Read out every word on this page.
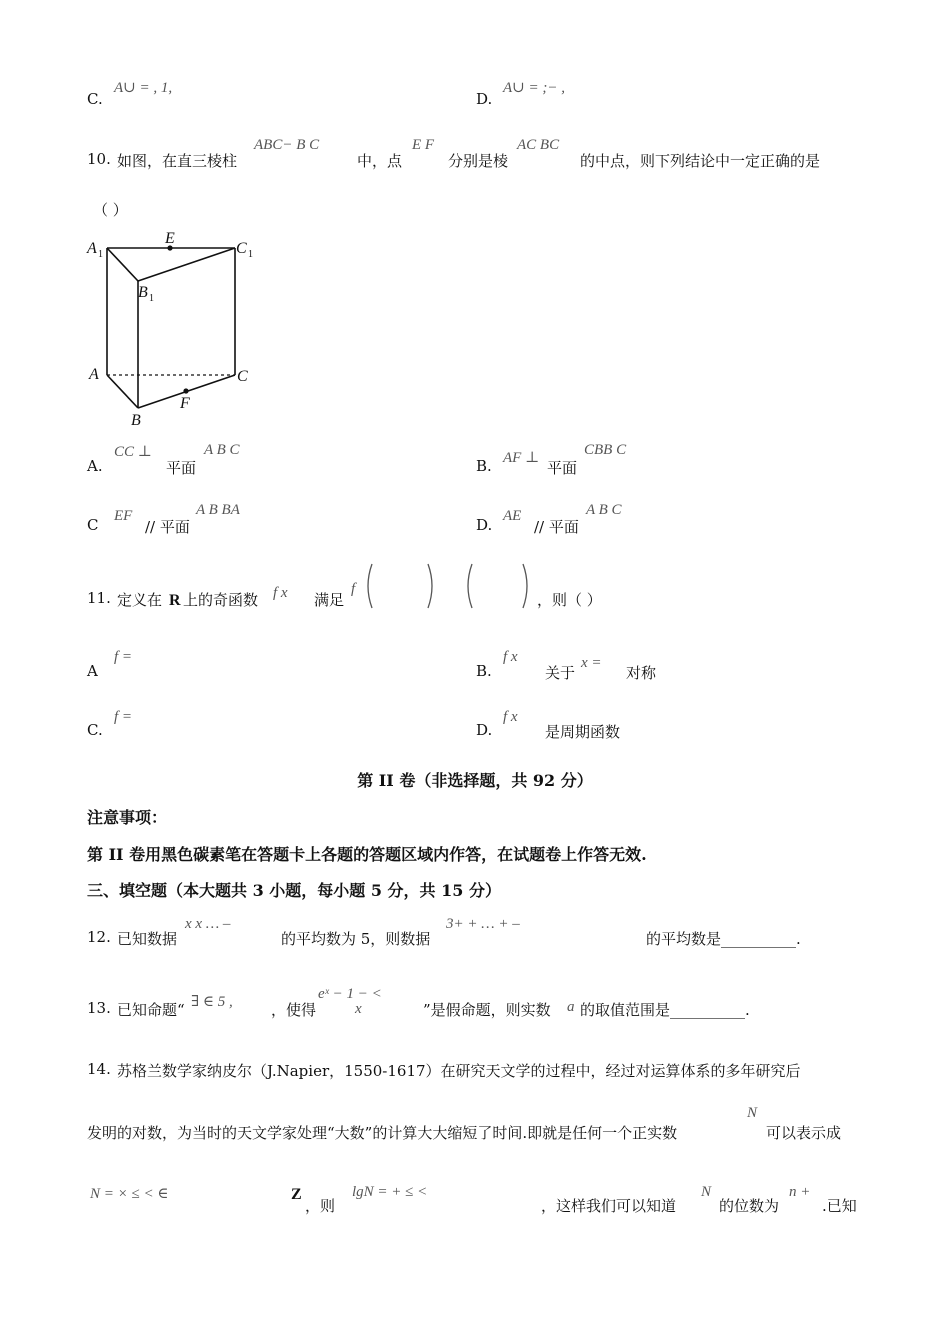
C.
A∪ = , 1,
D.
A∪ = ;− ,
10. 如图，在直三棱柱
ABC− B C
中，点
E F
分别是棱
AC BC
的中点，则下列结论中一定正确的是
（ ）
A 1
E
C 1
B 1
A	C
B
F
A.
CC ⊥
平面
A B C
B. AF ⊥
平面
CBB C
C EF
// 平面
A B BA
D. AE
// 平面
A B C
11. 定义在 R 上的奇函数 f x 满足
f
，则（ ）
A
f =
B.
f x
关于
x =
对称
C.
f =
D.
f x
是周期函数
第 II 卷（非选择题，共 92 分）
注意事项：
第 II 卷用黑色碳素笔在答题卡上各题的答题区域内作答，在试题卷上作答无效.
三、填空题（本大题共 3 小题，每小题 5 分，共 15 分）
12. 已知数据
x x … –
的平均数为 5，则数据
3+ + … + –
的平均数是__________.
13. 已知命题“ ∃ ∈ 5 ,	，使得
eˣ − 1 − <
x	”是假命题，则实数 a 的取值范围是__________.
14. 苏格兰数学家纳皮尔（J.Napier，1550-1617）在研究天文学的过程中，经过对运算体系的多年研究后
发明的对数，为当时的天文学家处理“大数”的计算大大缩短了时间.即就是任何一个正实数
N
可以表示成
N = × ≤ < ∈	Z
，则
lgN = + ≤ <
，这样我们可以知道
N
的位数为
n +
.已知
